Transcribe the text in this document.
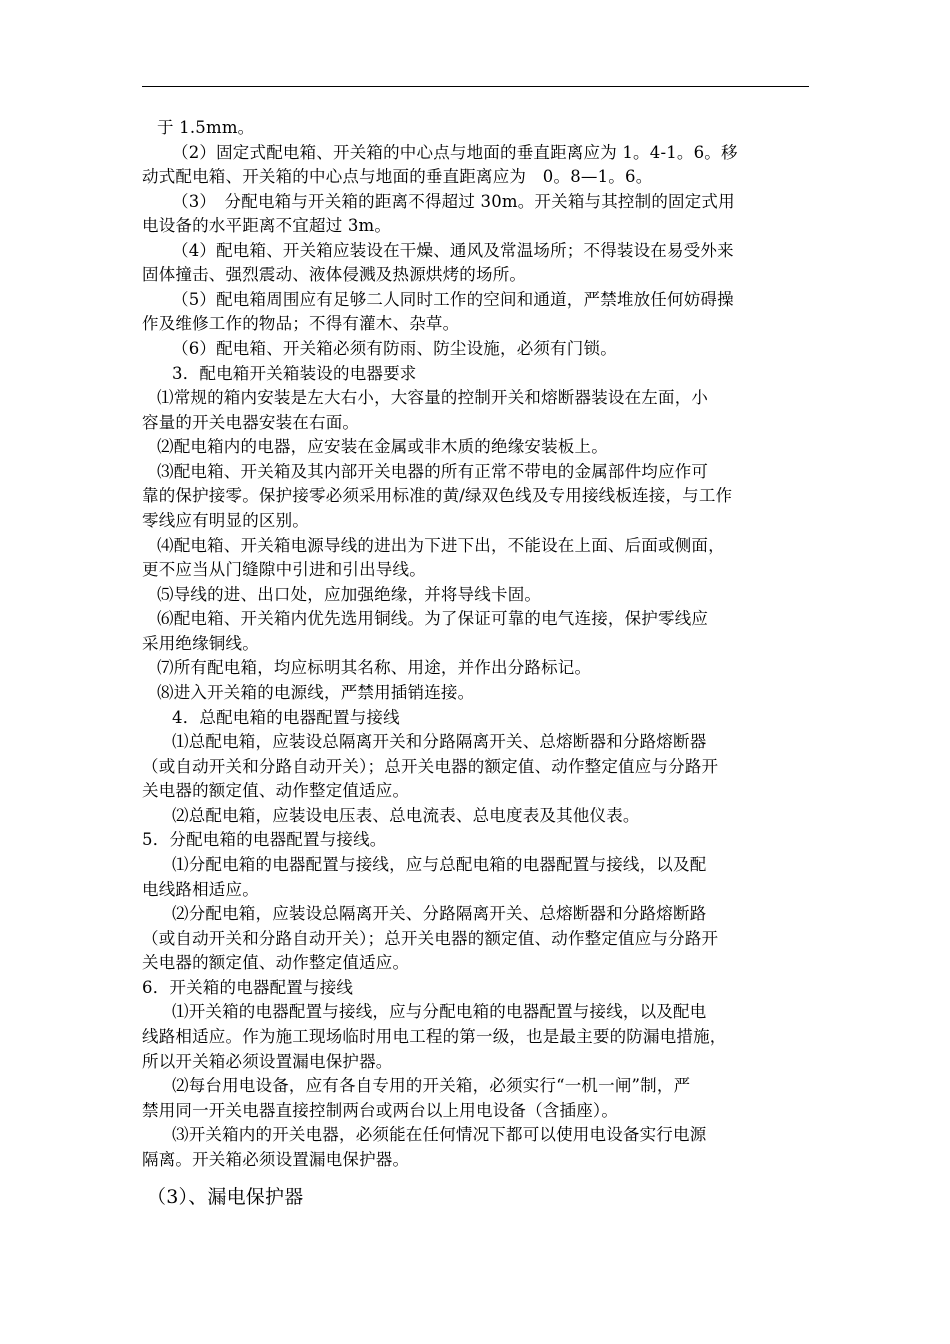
于 1.5mm。
（2）固定式配电箱、开关箱的中心点与地面的垂直距离应为 1。4-1。6。移
动式配电箱、开关箱的中心点与地面的垂直距离应为　0。8—1。6。
（3）　分配电箱与开关箱的距离不得超过 30m。开关箱与其控制的固定式用
电设备的水平距离不宜超过 3m。
（4）配电箱、开关箱应装设在干燥、通风及常温场所；不得装设在易受外来
固体撞击、强烈震动、液体侵溅及热源烘烤的场所。
（5）配电箱周围应有足够二人同时工作的空间和通道，严禁堆放任何妨碍操
作及维修工作的物品；不得有灌木、杂草。
（6）配电箱、开关箱必须有防雨、防尘设施，必须有门锁。
3．配电箱开关箱装设的电器要求
⑴常规的箱内安装是左大右小，大容量的控制开关和熔断器装设在左面，小
容量的开关电器安装在右面。
⑵配电箱内的电器，应安装在金属或非木质的绝缘安装板上。
⑶配电箱、开关箱及其内部开关电器的所有正常不带电的金属部件均应作可
靠的保护接零。保护接零必须采用标准的黄/绿双色线及专用接线板连接，与工作
零线应有明显的区别。
⑷配电箱、开关箱电源导线的进出为下进下出，不能设在上面、后面或侧面，
更不应当从门缝隙中引进和引出导线。
⑸导线的进、出口处，应加强绝缘，并将导线卡固。
⑹配电箱、开关箱内优先选用铜线。为了保证可靠的电气连接，保护零线应
采用绝缘铜线。
⑺所有配电箱，均应标明其名称、用途，并作出分路标记。
⑻进入开关箱的电源线，严禁用插销连接。
4．总配电箱的电器配置与接线
⑴总配电箱，应装设总隔离开关和分路隔离开关、总熔断器和分路熔断器
（或自动开关和分路自动开关）；总开关电器的额定值、动作整定值应与分路开
关电器的额定值、动作整定值适应。
⑵总配电箱，应装设电压表、总电流表、总电度表及其他仪表。
5．分配电箱的电器配置与接线。
⑴分配电箱的电器配置与接线，应与总配电箱的电器配置与接线，以及配
电线路相适应。
⑵分配电箱，应装设总隔离开关、分路隔离开关、总熔断器和分路熔断路
（或自动开关和分路自动开关）；总开关电器的额定值、动作整定值应与分路开
关电器的额定值、动作整定值适应。
6．开关箱的电器配置与接线
⑴开关箱的电器配置与接线，应与分配电箱的电器配置与接线，以及配电
线路相适应。作为施工现场临时用电工程的第一级，也是最主要的防漏电措施，
所以开关箱必须设置漏电保护器。
⑵每台用电设备，应有各自专用的开关箱，必须实行“一机一闸”制，严
禁用同一开关电器直接控制两台或两台以上用电设备（含插座）。
⑶开关箱内的开关电器，必须能在任何情况下都可以使用电设备实行电源
隔离。开关箱必须设置漏电保护器。
（3）、漏电保护器
